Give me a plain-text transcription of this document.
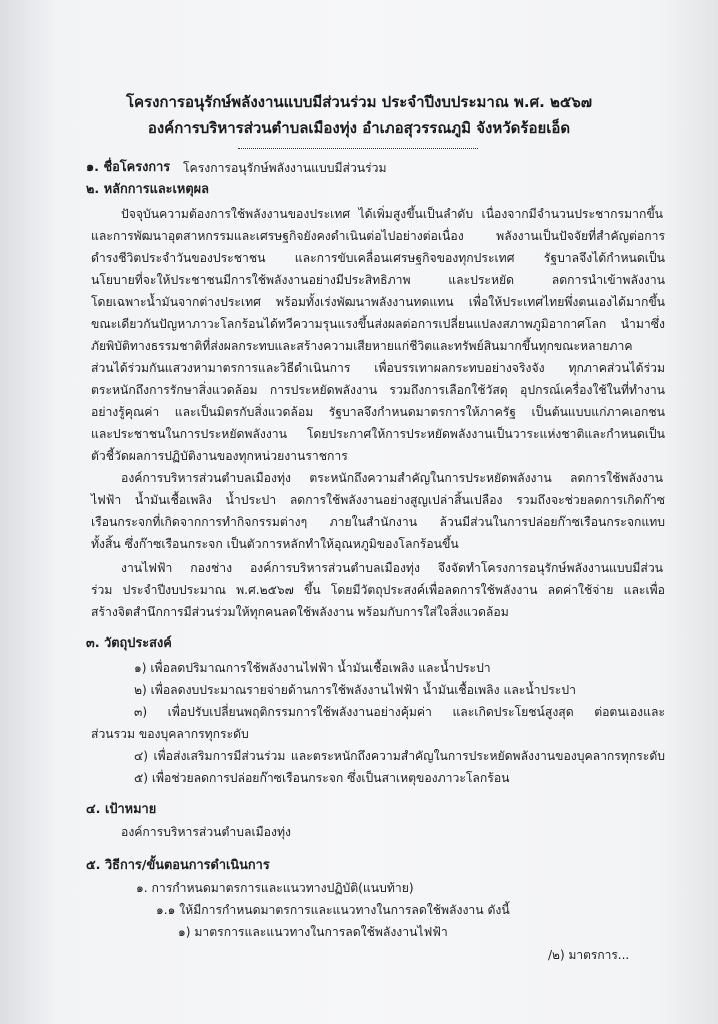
โครงการอนุรักษ์พลังงานแบบมีส่วนร่วม ประจำปีงบประมาณ พ.ศ. ๒๕๖๗
องค์การบริหารส่วนตำบลเมืองทุ่ง อำเภอสุวรรณภูมิ จังหวัดร้อยเอ็ด
๑. ชื่อโครงการ โครงการอนุรักษ์พลังงานแบบมีส่วนร่วม
๒. หลักการและเหตุผล
ปัจจุบันความต้องการใช้พลังงานของประเทศ ได้เพิ่มสูงขึ้นเป็นลำดับ เนื่องจากมีจำนวนประชากรมากขึ้น
และการพัฒนาอุตสาหกรรมและเศรษฐกิจยังคงดำเนินต่อไปอย่างต่อเนื่อง พลังงานเป็นปัจจัยที่สำคัญต่อการ
ดำรงชีวิตประจำวันของประชาชน และการขับเคลื่อนเศรษฐกิจของทุกประเทศ รัฐบาลจึงได้กำหนดเป็น
นโยบายที่จะให้ประชาชนมีการใช้พลังงานอย่างมีประสิทธิภาพ และประหยัด ลดการนำเข้าพลังงาน
โดยเฉพาะน้ำมันจากต่างประเทศ พร้อมทั้งเร่งพัฒนาพลังงานทดแทน เพื่อให้ประเทศไทยพึ่งตนเองได้มากขึ้น
ขณะเดียวกันปัญหาภาวะโลกร้อนได้ทวีความรุนแรงขึ้นส่งผลต่อการเปลี่ยนแปลงสภาพภูมิอากาศโลก นำมาซึ่ง
ภัยพิบัติทางธรรมชาติที่ส่งผลกระทบและสร้างความเสียหายแก่ชีวิตและทรัพย์สินมากขึ้นทุกขณะหลายภาค
ส่วนได้ร่วมกันแสวงหามาตรการและวิธีดำเนินการ เพื่อบรรเทาผลกระทบอย่างจริงจัง ทุกภาคส่วนได้ร่วม
ตระหนักถึงการรักษาสิ่งแวดล้อม การประหยัดพลังงาน รวมถึงการเลือกใช้วัสดุ อุปกรณ์เครื่องใช้ในที่ทำงาน
อย่างรู้คุณค่า และเป็นมิตรกับสิ่งแวดล้อม รัฐบาลจึงกำหนดมาตรการให้ภาครัฐ เป็นต้นแบบแก่ภาคเอกชน
และประชาชนในการประหยัดพลังงาน โดยประกาศให้การประหยัดพลังงานเป็นวาระแห่งชาติและกำหนดเป็น
ตัวชี้วัดผลการปฏิบัติงานของทุกหน่วยงานราชการ
องค์การบริหารส่วนตำบลเมืองทุ่ง ตระหนักถึงความสำคัญในการประหยัดพลังงาน ลดการใช้พลังงาน
ไฟฟ้า น้ำมันเชื้อเพลิง น้ำประปา ลดการใช้พลังงานอย่างสูญเปล่าสิ้นเปลือง รวมถึงจะช่วยลดการเกิดก๊าซ
เรือนกระจกที่เกิดจากการทำกิจกรรมต่างๆ ภายในสำนักงาน ล้วนมีส่วนในการปล่อยก๊าซเรือนกระจกแทบ
ทั้งสิ้น ซึ่งก๊าซเรือนกระจก เป็นตัวการหลักทำให้อุณหภูมิของโลกร้อนขึ้น
งานไฟฟ้า กองช่าง องค์การบริหารส่วนตำบลเมืองทุ่ง จึงจัดทำโครงการอนุรักษ์พลังงานแบบมีส่วน
ร่วม ประจำปีงบประมาณ พ.ศ.๒๕๖๗ ขึ้น โดยมีวัตถุประสงค์เพื่อลดการใช้พลังงาน ลดค่าใช้จ่าย และเพื่อ
สร้างจิตสำนึกการมีส่วนร่วมให้ทุกคนลดใช้พลังงาน พร้อมกับการใส่ใจสิ่งแวดล้อม
๓. วัตถุประสงค์
๑) เพื่อลดปริมาณการใช้พลังงานไฟฟ้า น้ำมันเชื้อเพลิง และน้ำประปา
๒) เพื่อลดงบประมาณรายจ่ายด้านการใช้พลังงานไฟฟ้า น้ำมันเชื้อเพลิง และน้ำประปา
๓) เพื่อปรับเปลี่ยนพฤติกรรมการใช้พลังงานอย่างคุ้มค่า และเกิดประโยชน์สูงสุด ต่อตนเองและ
ส่วนรวม ของบุคลากรทุกระดับ
๔) เพื่อส่งเสริมการมีส่วนร่วม และตระหนักถึงความสำคัญในการประหยัดพลังงานของบุคลากรทุกระดับ
๕) เพื่อช่วยลดการปล่อยก๊าซเรือนกระจก ซึ่งเป็นสาเหตุของภาวะโลกร้อน
๔. เป้าหมาย
องค์การบริหารส่วนตำบลเมืองทุ่ง
๕. วิธีการ/ขั้นตอนการดำเนินการ
๑. การกำหนดมาตรการและแนวทางปฏิบัติ(แนบท้าย)
๑.๑ ให้มีการกำหนดมาตรการและแนวทางในการลดใช้พลังงาน ดังนี้
๑) มาตรการและแนวทางในการลดใช้พลังงานไฟฟ้า
/๒) มาตรการ...
